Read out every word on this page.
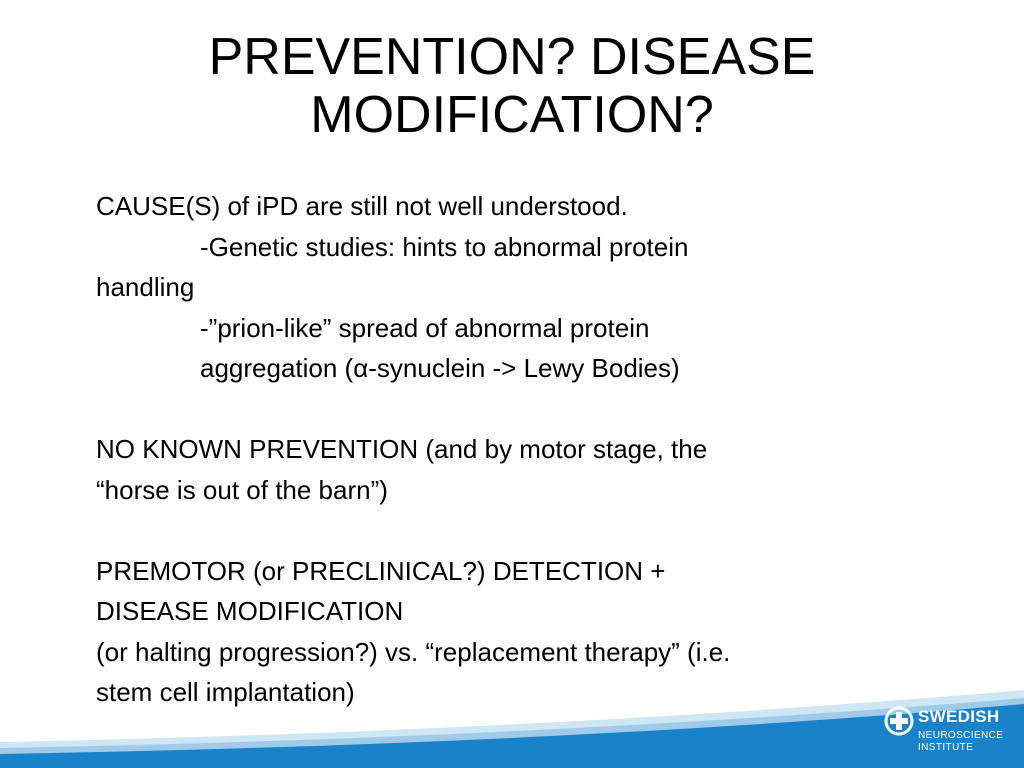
PREVENTION? DISEASE
MODIFICATION?
CAUSE(S) of iPD are still not well understood.
-Genetic studies: hints to abnormal protein
handling
-”prion-like” spread of abnormal protein
aggregation (α-synuclein -> Lewy Bodies)
NO KNOWN PREVENTION (and by motor stage, the
“horse is out of the barn”)
PREMOTOR (or PRECLINICAL?) DETECTION +
DISEASE MODIFICATION
(or halting progression?) vs. “replacement therapy” (i.e.
stem cell implantation)
SWEDISH
NEUROSCIENCE
INSTITUTE
